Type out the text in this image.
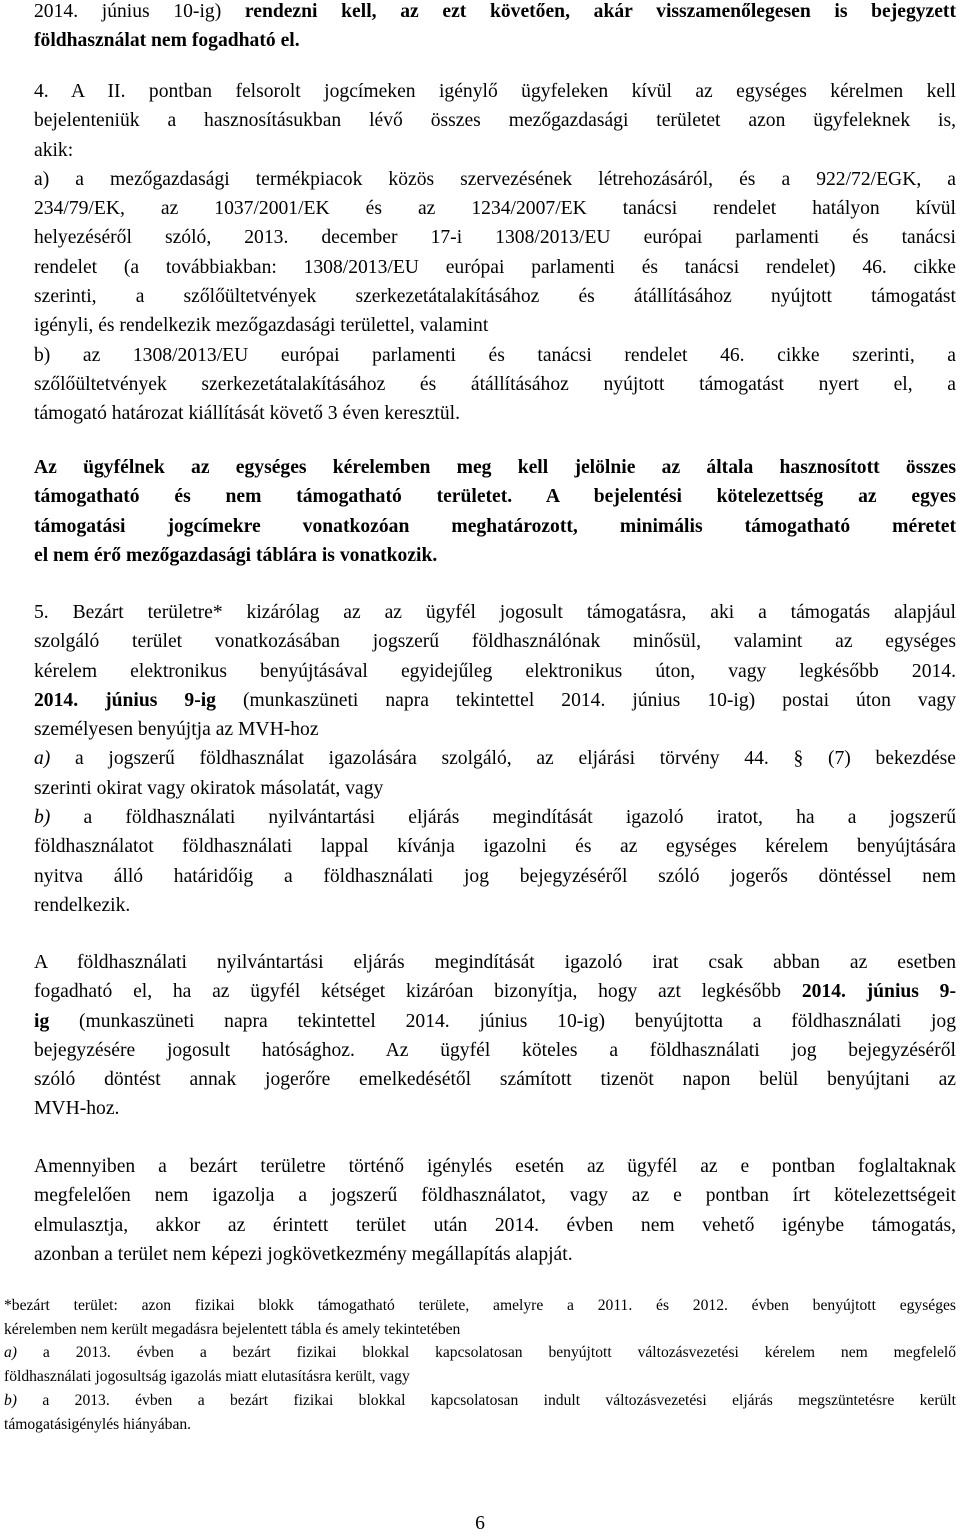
2014. június 10-ig) rendezni kell, az ezt követően, akár visszamenőlegesen is bejegyzett
földhasználat nem fogadható el.
4. A II. pontban felsorolt jogcímeken igénylő ügyfeleken kívül az egységes kérelmen kell
bejelenteniük a hasznosításukban lévő összes mezőgazdasági területet azon ügyfeleknek is,
akik:
a) a mezőgazdasági termékpiacok közös szervezésének létrehozásáról, és a 922/72/EGK, a
234/79/EK, az 1037/2001/EK és az 1234/2007/EK tanácsi rendelet hatályon kívül
helyezéséről szóló, 2013. december 17-i 1308/2013/EU európai parlamenti és tanácsi
rendelet (a továbbiakban: 1308/2013/EU európai parlamenti és tanácsi rendelet) 46. cikke
szerinti, a szőlőültetvények szerkezetátalakításához és átállításához nyújtott támogatást
igényli, és rendelkezik mezőgazdasági területtel, valamint
b) az 1308/2013/EU európai parlamenti és tanácsi rendelet 46. cikke szerinti, a
szőlőültetvények szerkezetátalakításához és átállításához nyújtott támogatást nyert el, a
támogató határozat kiállítását követő 3 éven keresztül.
Az ügyfélnek az egységes kérelemben meg kell jelölnie az általa hasznosított összes
támogatható és nem támogatható területet. A bejelentési kötelezettség az egyes
támogatási jogcímekre vonatkozóan meghatározott, minimális támogatható méretet
el nem érő mezőgazdasági táblára is vonatkozik.
5. Bezárt területre* kizárólag az az ügyfél jogosult támogatásra, aki a támogatás alapjául
szolgáló terület vonatkozásában jogszerű földhasználónak minősül, valamint az egységes
kérelem elektronikus benyújtásával egyidejűleg elektronikus úton, vagy legkésőbb 2014.
2014. június 9-ig (munkaszüneti napra tekintettel 2014. június 10-ig) postai úton vagy
személyesen benyújtja az MVH-hoz
a) a jogszerű földhasználat igazolására szolgáló, az eljárási törvény 44. § (7) bekezdése
szerinti okirat vagy okiratok másolatát, vagy
b) a földhasználati nyilvántartási eljárás megindítását igazoló iratot, ha a jogszerű
földhasználatot földhasználati lappal kívánja igazolni és az egységes kérelem benyújtására
nyitva álló határidőig a földhasználati jog bejegyzéséről szóló jogerős döntéssel nem
rendelkezik.
A földhasználati nyilvántartási eljárás megindítását igazoló irat csak abban az esetben
fogadható el, ha az ügyfél kétséget kizáróan bizonyítja, hogy azt legkésőbb 2014. június 9-
ig (munkaszüneti napra tekintettel 2014. június 10-ig) benyújtotta a földhasználati jog
bejegyzésére jogosult hatósághoz. Az ügyfél köteles a földhasználati jog bejegyzéséről
szóló döntést annak jogerőre emelkedésétől számított tizenöt napon belül benyújtani az
MVH-hoz.
Amennyiben a bezárt területre történő igénylés esetén az ügyfél az e pontban foglaltaknak
megfelelően nem igazolja a jogszerű földhasználatot, vagy az e pontban írt kötelezettségeit
elmulasztja, akkor az érintett terület után 2014. évben nem vehető igénybe támogatás,
azonban a terület nem képezi jogkövetkezmény megállapítás alapját.
*bezárt terület: azon fizikai blokk támogatható területe, amelyre a 2011. és 2012. évben benyújtott egységes
kérelemben nem került megadásra bejelentett tábla és amely tekintetében
a) a 2013. évben a bezárt fizikai blokkal kapcsolatosan benyújtott változásvezetési kérelem nem megfelelő
földhasználati jogosultság igazolás miatt elutasításra került, vagy
b) a 2013. évben a bezárt fizikai blokkal kapcsolatosan indult változásvezetési eljárás megszüntetésre került
támogatásigénylés hiányában.
6
